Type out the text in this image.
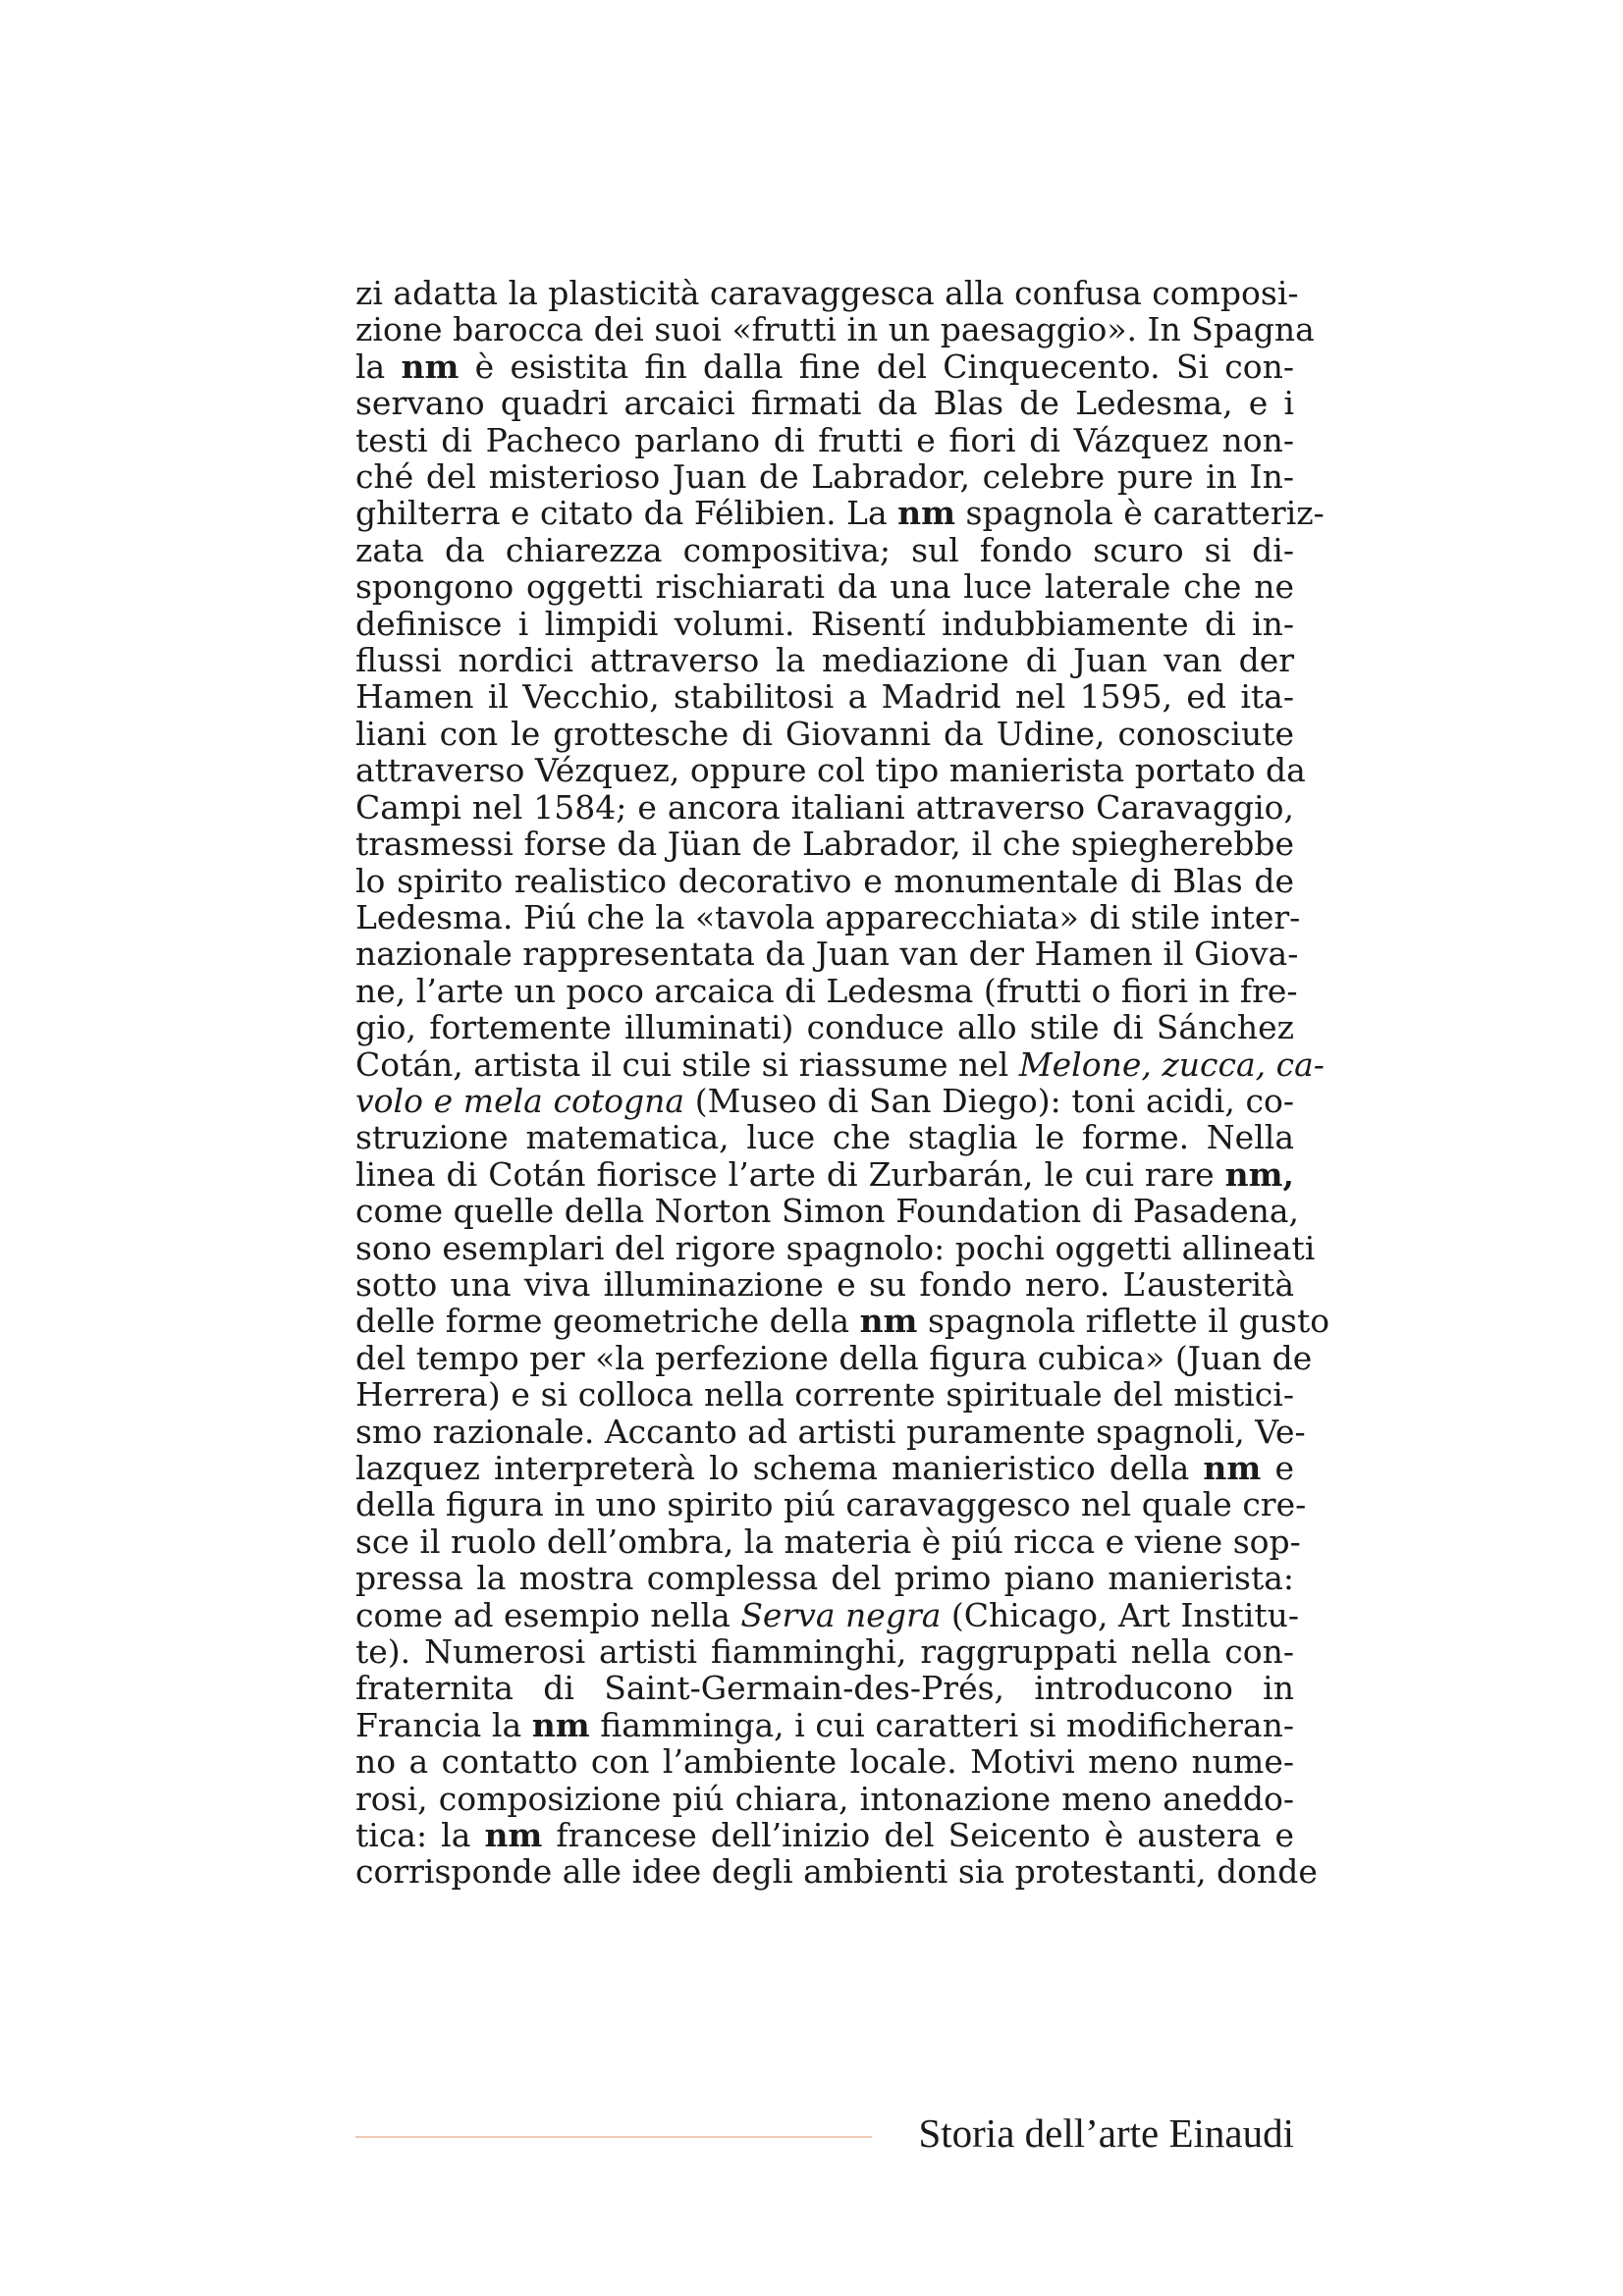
zi adatta la plasticità caravaggesca alla confusa composi-
zione barocca dei suoi «frutti in un paesaggio». In Spagna
la nm è esistita fin dalla fine del Cinquecento. Si con-
servano quadri arcaici firmati da Blas de Ledesma, e i
testi di Pacheco parlano di frutti e fiori di Vázquez non-
ché del misterioso Juan de Labrador, celebre pure in In-
ghilterra e citato da Félibien. La nm spagnola è caratteriz-
zata da chiarezza compositiva; sul fondo scuro si di-
spongono oggetti rischiarati da una luce laterale che ne
definisce i limpidi volumi. Risentí indubbiamente di in-
flussi nordici attraverso la mediazione di Juan van der
Hamen il Vecchio, stabilitosi a Madrid nel 1595, ed ita-
liani con le grottesche di Giovanni da Udine, conosciute
attraverso Vézquez, oppure col tipo manierista portato da
Campi nel 1584; e ancora italiani attraverso Caravaggio,
trasmessi forse da Jüan de Labrador, il che spiegherebbe
lo spirito realistico decorativo e monumentale di Blas de
Ledesma. Piú che la «tavola apparecchiata» di stile inter-
nazionale rappresentata da Juan van der Hamen il Giova-
ne, l’arte un poco arcaica di Ledesma (frutti o fiori in fre-
gio, fortemente illuminati) conduce allo stile di Sánchez
Cotán, artista il cui stile si riassume nel Melone, zucca, ca-
volo e mela cotogna (Museo di San Diego): toni acidi, co-
struzione matematica, luce che staglia le forme. Nella
linea di Cotán fiorisce l’arte di Zurbarán, le cui rare nm,
come quelle della Norton Simon Foundation di Pasadena,
sono esemplari del rigore spagnolo: pochi oggetti allineati
sotto una viva illuminazione e su fondo nero. L’austerità
delle forme geometriche della nm spagnola riflette il gusto
del tempo per «la perfezione della figura cubica» (Juan de
Herrera) e si colloca nella corrente spirituale del mistici-
smo razionale. Accanto ad artisti puramente spagnoli, Ve-
lazquez interpreterà lo schema manieristico della nm e
della figura in uno spirito piú caravaggesco nel quale cre-
sce il ruolo dell’ombra, la materia è piú ricca e viene sop-
pressa la mostra complessa del primo piano manierista:
come ad esempio nella Serva negra (Chicago, Art Institu-
te). Numerosi artisti fiamminghi, raggruppati nella con-
fraternita di Saint-Germain-des-Prés, introducono in
Francia la nm fiamminga, i cui caratteri si modificheran-
no a contatto con l’ambiente locale. Motivi meno nume-
rosi, composizione piú chiara, intonazione meno aneddo-
tica: la nm francese dell’inizio del Seicento è austera e
corrisponde alle idee degli ambienti sia protestanti, donde
Storia dell’arte Einaudi
